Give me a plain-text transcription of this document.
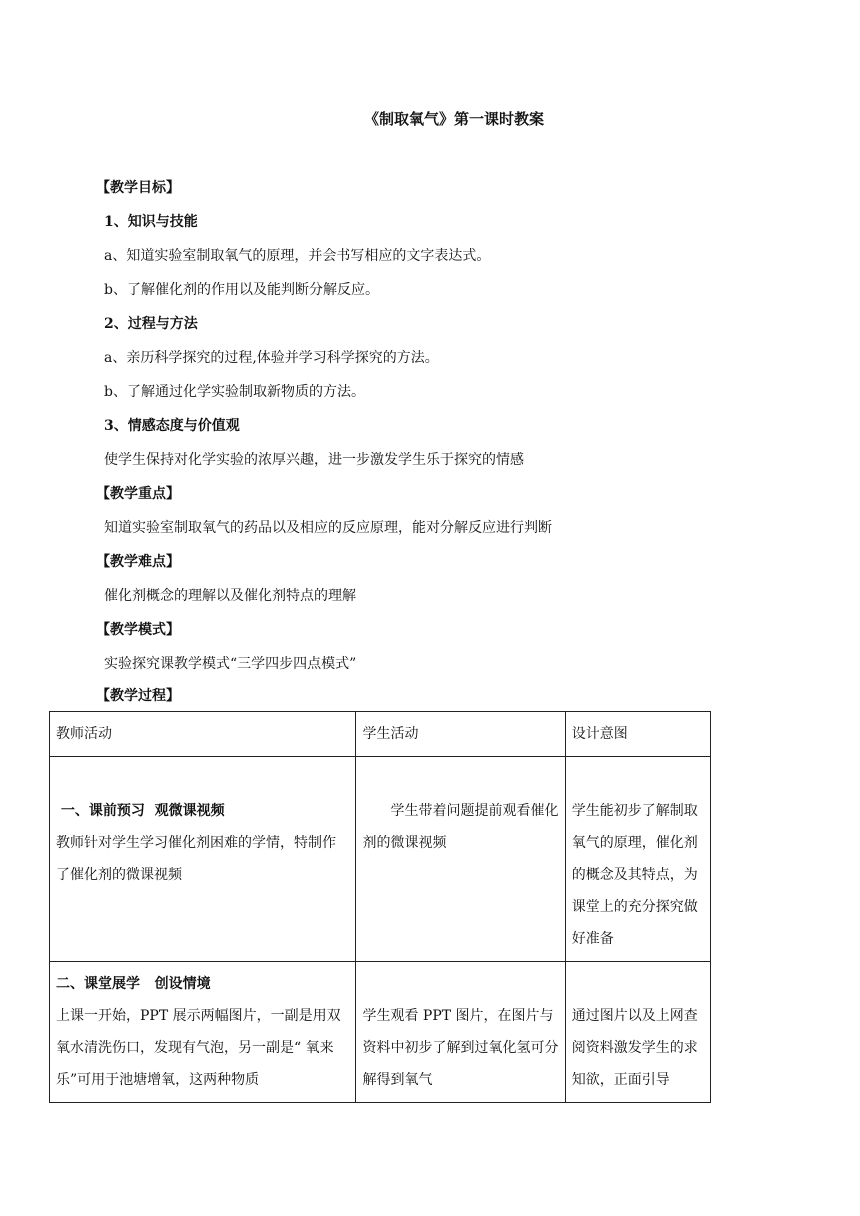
《制取氧气》第一课时教案
【教学目标】
1、知识与技能
a、知道实验室制取氧气的原理，并会书写相应的文字表达式。
b、了解催化剂的作用以及能判断分解反应。
2、过程与方法
a、亲历科学探究的过程,体验并学习科学探究的方法。
b、了解通过化学实验制取新物质的方法。
3、情感态度与价值观
使学生保持对化学实验的浓厚兴趣，进一步激发学生乐于探究的情感
【教学重点】
知道实验室制取氧气的药品以及相应的反应原理，能对分解反应进行判断
【教学难点】
催化剂概念的理解以及催化剂特点的理解
【教学模式】
实验探究课教学模式“三学四步四点模式”
【教学过程】
教师活动	学生活动	设计意图

一、课前预习  观微课视频
教师针对学生学习催化剂困难的学情，特制作了催化剂的微课视频	学生带着问题提前观看催化剂的微课视频	学生能初步了解制取氧气的原理，催化剂的概念及其特点，为课堂上的充分探究做好准备

二、课堂展学   创设情境
上课一开始，PPT 展示两幅图片，一副是用双氧水清洗伤口，发现有气泡，另一副是“ 氧来乐”可用于池塘增氧，这两种物质	学生观看 PPT 图片，在图片与资料中初步了解到过氧化氢可分解得到氧气	通过图片以及上网查阅资料激发学生的求知欲，正面引导
